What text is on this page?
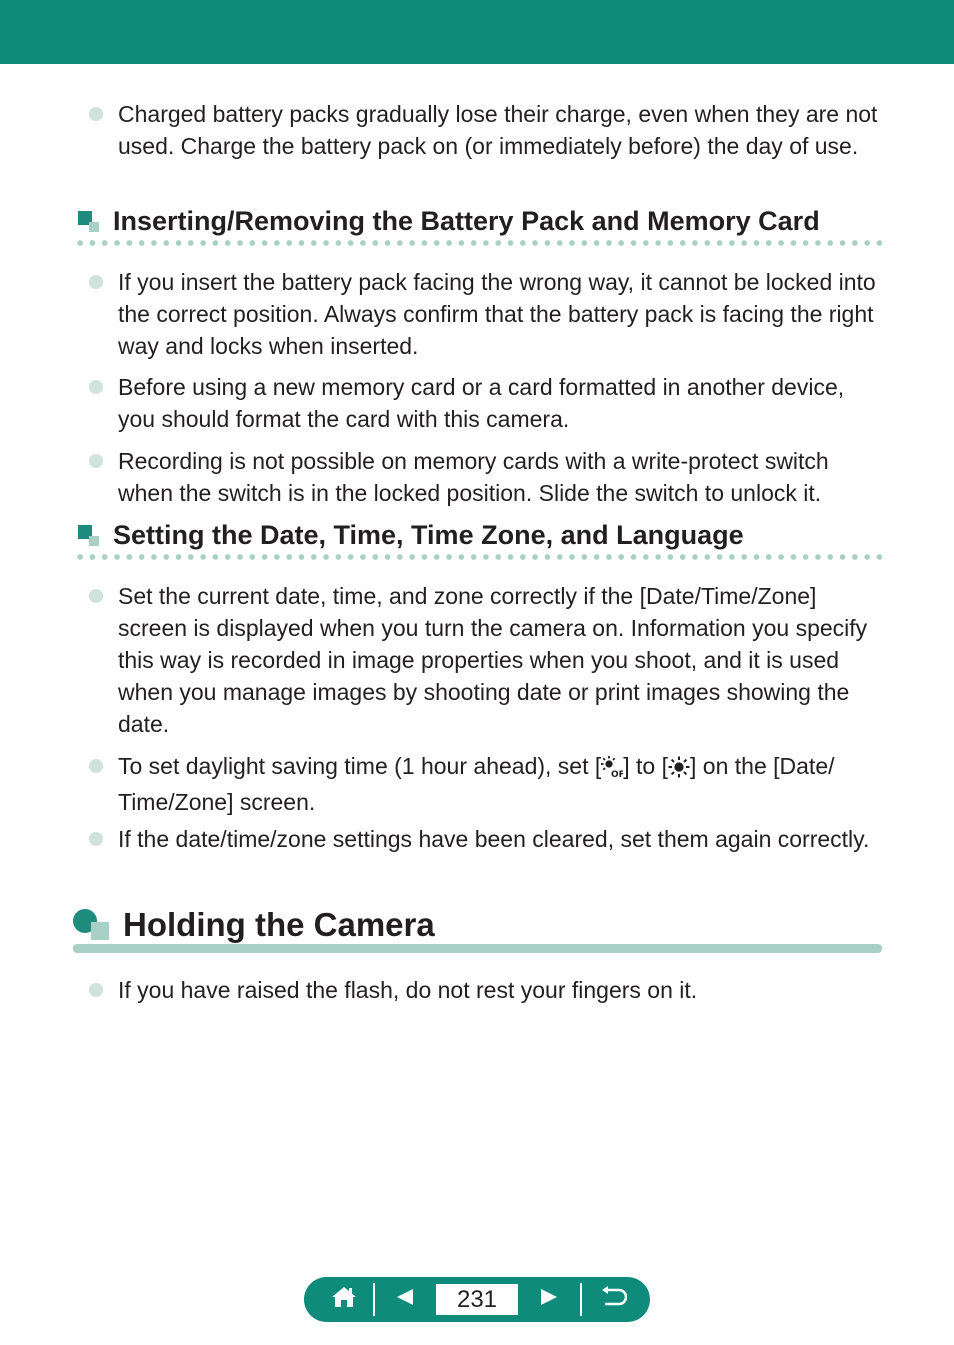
Charged battery packs gradually lose their charge, even when they are not used. Charge the battery pack on (or immediately before) the day of use.
Inserting/Removing the Battery Pack and Memory Card
If you insert the battery pack facing the wrong way, it cannot be locked into the correct position. Always confirm that the battery pack is facing the right way and locks when inserted.
Before using a new memory card or a card formatted in another device, you should format the card with this camera.
Recording is not possible on memory cards with a write-protect switch when the switch is in the locked position. Slide the switch to unlock it.
Setting the Date, Time, Time Zone, and Language
Set the current date, time, and zone correctly if the [Date/Time/Zone] screen is displayed when you turn the camera on. Information you specify this way is recorded in image properties when you shoot, and it is used when you manage images by shooting date or print images showing the date.
To set daylight saving time (1 hour ahead), set [ OF
] to [ ] on the [Date/ Time/Zone] screen.
If the date/time/zone settings have been cleared, set them again correctly.
Holding the Camera
If you have raised the flash, do not rest your fingers on it.
231
